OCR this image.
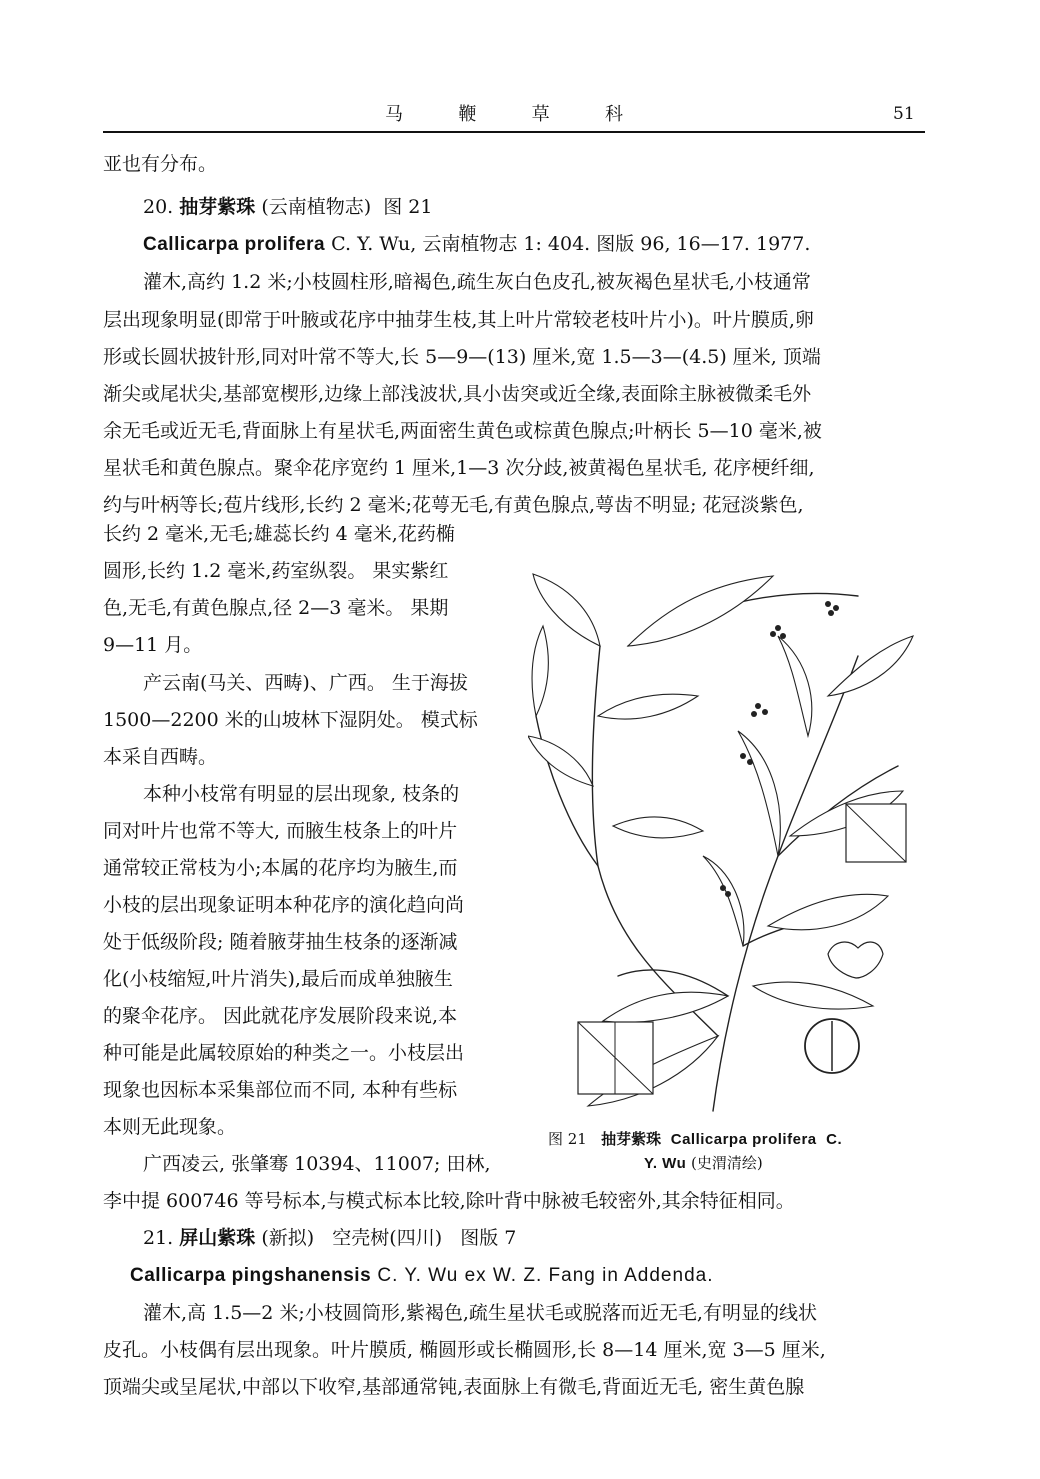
马	鞭	草	科	51
亚也有分布。
20. 抽芽紫珠 (云南植物志) 图 21
Callicarpa prolifera C. Y. Wu, 云南植物志 1: 404. 图版 96, 16—17. 1977.
灌木,高约 1.2 米;小枝圆柱形,暗褐色,疏生灰白色皮孔,被灰褐色星状毛,小枝通常
层出现象明显(即常于叶腋或花序中抽芽生枝,其上叶片常较老枝叶片小)。叶片膜质,卵
形或长圆状披针形,同对叶常不等大,长 5—9—(13) 厘米,宽 1.5—3—(4.5) 厘米, 顶端
渐尖或尾状尖,基部宽楔形,边缘上部浅波状,具小齿突或近全缘,表面除主脉被微柔毛外
余无毛或近无毛,背面脉上有星状毛,两面密生黄色或棕黄色腺点;叶柄长 5—10 毫米,被
星状毛和黄色腺点。聚伞花序宽约 1 厘米,1—3 次分歧,被黄褐色星状毛, 花序梗纤细,
约与叶柄等长;苞片线形,长约 2 毫米;花萼无毛,有黄色腺点,萼齿不明显; 花冠淡紫色,
长约 2 毫米,无毛;雄蕊长约 4 毫米,花药椭
圆形,长约 1.2 毫米,药室纵裂。 果实紫红
色,无毛,有黄色腺点,径 2—3 毫米。 果期
9—11 月。
产云南(马关、西畴)、广西。 生于海拔
1500—2200 米的山坡林下湿阴处。 模式标
本采自西畴。
本种小枝常有明显的层出现象, 枝条的
同对叶片也常不等大, 而腋生枝条上的叶片
通常较正常枝为小;本属的花序均为腋生,而
小枝的层出现象证明本种花序的演化趋向尚
处于低级阶段; 随着腋芽抽生枝条的逐渐减
化(小枝缩短,叶片消失),最后而成单独腋生
的聚伞花序。 因此就花序发展阶段来说,本
种可能是此属较原始的种类之一。小枝层出
现象也因标本采集部位而不同, 本种有些标
本则无此现象。
广西凌云, 张肇骞 10394、11007; 田林,
李中提 600746 等号标本,与模式标本比较,除叶背中脉被毛较密外,其余特征相同。
21. 屏山紫珠 (新拟) 空壳树(四川) 图版 7
Callicarpa pingshanensis C. Y. Wu ex W. Z. Fang in Addenda.
灌木,高 1.5—2 米;小枝圆筒形,紫褐色,疏生星状毛或脱落而近无毛,有明显的线状
皮孔。小枝偶有层出现象。叶片膜质, 椭圆形或长椭圆形,长 8—14 厘米,宽 3—5 厘米,
顶端尖或呈尾状,中部以下收窄,基部通常钝,表面脉上有微毛,背面近无毛, 密生黄色腺
图 21 抽芽紫珠 Callicarpa prolifera C.
Y. Wu (史渭清绘)
